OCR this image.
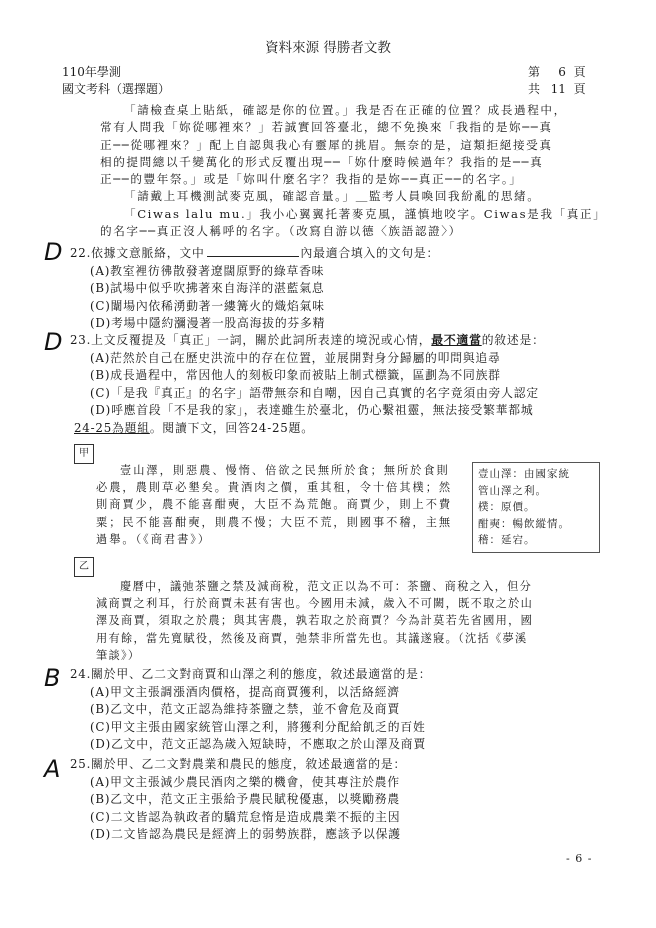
資料來源 得勝者文教
110年學測
國文考科（選擇題）
第 6 頁
共 11 頁
「請檢查桌上貼紙，確認是你的位置。」我是否在正確的位置？成長過程中，
常有人問我「妳從哪裡來？」若誠實回答臺北，總不免換來「我指的是妳──真
正──從哪裡來？」配上自認與我心有靈犀的挑眉。無奈的是，這類拒絕接受真
相的提問總以千變萬化的形式反覆出現──「妳什麼時候過年？我指的是──真
正──的豐年祭。」或是「妳叫什麼名字？我指的是妳──真正──的名字。」
「請戴上耳機測試麥克風，確認音量。」＿監考人員喚回我紛亂的思緒。
「Ciwas lalu mu.」我小心翼翼托著麥克風，謹慎地咬字。Ciwas是我「真正」
的名字──真正沒人稱呼的名字。（改寫自游以德〈族語認證〉）
D 22.依據文意脈絡，文中	內最適合填入的文句是：
(A)教室裡彷彿散發著遼闊原野的綠草香味
(B)試場中似乎吹拂著來自海洋的湛藍氣息
(C)闈場內依稀湧動著一縷篝火的熾焰氣味
(D)考場中隱約瀰漫著一股高海拔的芬多精
D 23.上文反覆提及「真正」一詞，關於此詞所表達的境況或心情，最不適當的敘述是：
(A)茫然於自己在歷史洪流中的存在位置，並展開對身分歸屬的叩問與追尋
(B)成長過程中，常因他人的刻板印象而被貼上制式標籤，區劃為不同族群
(C)「是我『真正』的名字」語帶無奈和自嘲，因自己真實的名字竟須由旁人認定
(D)呼應首段「不是我的家」，表達雖生於臺北，仍心繫祖靈，無法接受繁華都城
24-25為題組。閱讀下文，回答24-25題。
甲
壹山澤，則惡農、慢惰、倍欲之民無所於食；無所於食則
必農，農則草必墾矣。貴酒肉之價，重其租，令十倍其樸；然
則商賈少，農不能喜酣奭，大臣不為荒飽。商賈少，則上不費
粟；民不能喜酣奭，則農不慢；大臣不荒，則國事不稽，主無
過舉。（《商君書》）
壹山澤：由國家統
管山澤之利。
樸：原價。
酣奭：暢飲縱情。
稽：延宕。
乙
慶曆中，議弛茶鹽之禁及減商稅，范文正以為不可：茶鹽、商稅之入，但分
減商賈之利耳，行於商賈未甚有害也。今國用未減，歲入不可闕，既不取之於山
澤及商賈，須取之於農；與其害農，孰若取之於商賈？今為計莫若先省國用，國
用有餘，當先寬賦役，然後及商賈，弛禁非所當先也。其議遂寢。（沈括《夢溪
筆談》）
B 24.關於甲、乙二文對商賈和山澤之利的態度，敘述最適當的是：
(A)甲文主張調漲酒肉價格，提高商賈獲利，以活絡經濟
(B)乙文中，范文正認為維持茶鹽之禁，並不會危及商賈
(C)甲文主張由國家統管山澤之利，將獲利分配給飢乏的百姓
(D)乙文中，范文正認為歲入短缺時，不應取之於山澤及商賈
A 25.關於甲、乙二文對農業和農民的態度，敘述最適當的是：
(A)甲文主張減少農民酒肉之樂的機會，使其專注於農作
(B)乙文中，范文正主張給予農民賦稅優惠，以獎勵務農
(C)二文皆認為執政者的驕荒怠惰是造成農業不振的主因
(D)二文皆認為農民是經濟上的弱勢族群，應該予以保護
- 6 -
